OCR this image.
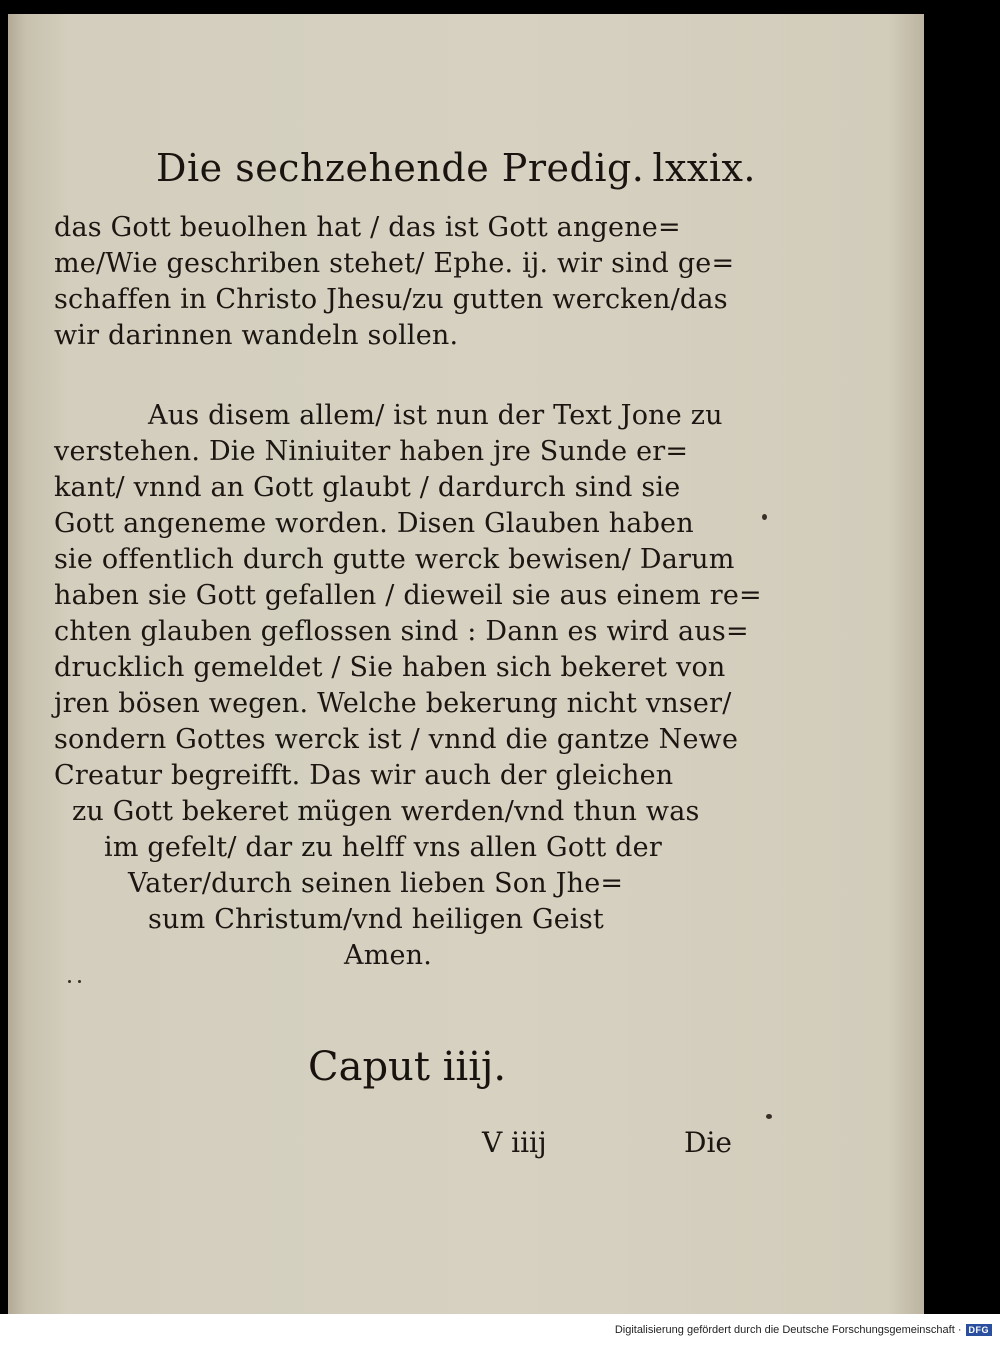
Die sechzehende Predig. lxxix.
das Gott beuolhen hat / das ist Gott angene=
me/Wie geschriben stehet/ Ephe. ij. wir sind ge=
schaffen in Christo Jhesu/zu gutten wercken/das
wir darinnen wandeln sollen.
Aus disem allem/ ist nun der Text Jone zu
verstehen. Die Niniuiter haben jre Sunde er=
kant/ vnnd an Gott glaubt / dardurch sind sie
Gott angeneme worden. Disen Glauben haben
sie offentlich durch gutte werck bewisen/ Darum
haben sie Gott gefallen / dieweil sie aus einem re=
chten glauben geflossen sind : Dann es wird aus=
drucklich gemeldet / Sie haben sich bekeret von
jren bösen wegen. Welche bekerung nicht vnser/
sondern Gottes werck ist / vnnd die gantze Newe
Creatur begreifft. Das wir auch der gleichen
zu Gott bekeret mügen werden/vnd thun was
im gefelt/ dar zu helff vns allen Gott der
Vater/durch seinen lieben Son Jhe=
sum Christum/vnd heiligen Geist
Amen.
Caput iiij.
V iiij	Die
Digitalisierung gefördert durch die Deutsche Forschungsgemeinschaft · DFG
